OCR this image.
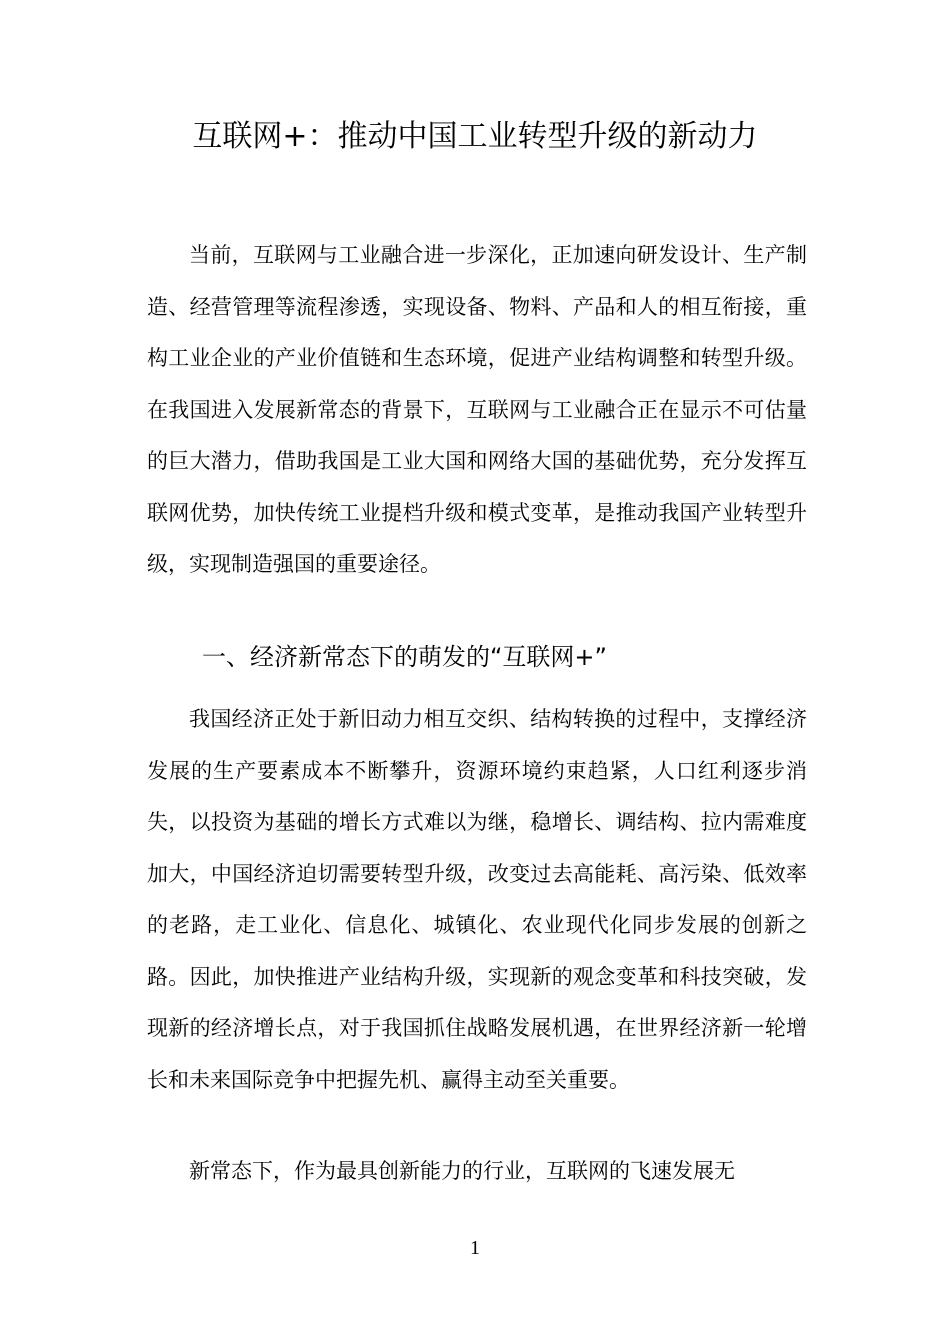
互联网+：推动中国工业转型升级的新动力

当前，互联网与工业融合进一步深化，正加速向研发设计、生产制造、经营管理等流程渗透，实现设备、物料、产品和人的相互衔接，重构工业企业的产业价值链和生态环境，促进产业结构调整和转型升级。在我国进入发展新常态的背景下，互联网与工业融合正在显示不可估量的巨大潜力，借助我国是工业大国和网络大国的基础优势，充分发挥互联网优势，加快传统工业提档升级和模式变革，是推动我国产业转型升级，实现制造强国的重要途径。

一、经济新常态下的萌发的“互联网+”

我国经济正处于新旧动力相互交织、结构转换的过程中，支撑经济发展的生产要素成本不断攀升，资源环境约束趋紧，人口红利逐步消失，以投资为基础的增长方式难以为继，稳增长、调结构、拉内需难度加大，中国经济迫切需要转型升级，改变过去高能耗、高污染、低效率的老路，走工业化、信息化、城镇化、农业现代化同步发展的创新之路。因此，加快推进产业结构升级，实现新的观念变革和科技突破，发现新的经济增长点，对于我国抓住战略发展机遇，在世界经济新一轮增长和未来国际竞争中把握先机、赢得主动至关重要。

新常态下，作为最具创新能力的行业，互联网的飞速发展无

1
